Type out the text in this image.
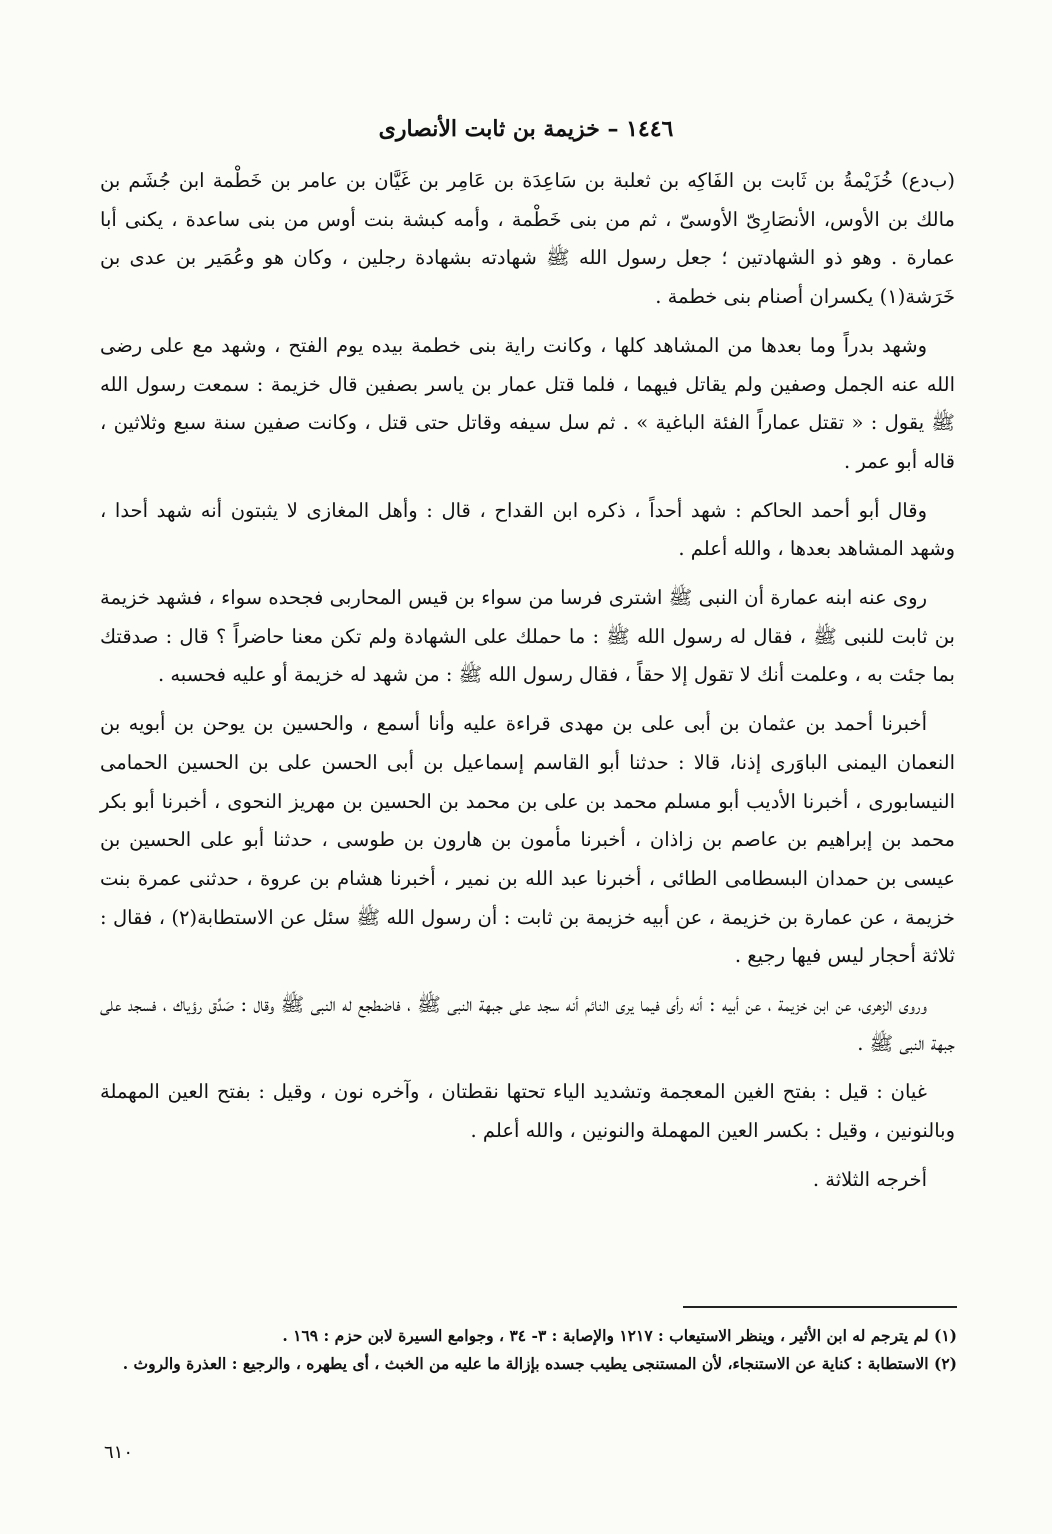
١٤٤٦ – خزيمة بن ثابت الأنصارى

(ب‌دع) خُزَيْمةُ بن ثَابت بن الفَاكِه بن ثعلبة بن سَاعِدَة بن عَامِر بن غَيَّان بن عامر بن خَطْمة ابن جُشَم بن مالك بن الأوس، الأنصَارِىّ الأوسىّ ، ثم من بنى خَطْمة ، وأمه كبشة بنت أوس من بنى ساعدة ، يكنى أبا عمارة . وهو ذو الشهادتين ؛ جعل رسول الله ﷺ شهادته بشهادة رجلين ، وكان هو وعُمَير بن عدى بن خَرَشة(١) يكسران أصنام بنى خطمة .

وشهد بدراً وما بعدها من المشاهد كلها ، وكانت راية بنى خطمة بيده يوم الفتح ، وشهد مع على رضى الله عنه الجمل وصفين ولم يقاتل فيهما ، فلما قتل عمار بن ياسر بصفين قال خزيمة : سمعت رسول الله ﷺ يقول : « تقتل عماراً الفئة الباغية » . ثم سل سيفه وقاتل حتى قتل ، وكانت صفين سنة سبع وثلاثين ، قاله أبو عمر .

وقال أبو أحمد الحاكم : شهد أحداً ، ذكره ابن القداح ، قال : وأهل المغازى لا يثبتون أنه شهد أحدا ، وشهد المشاهد بعدها ، والله أعلم .

روى عنه ابنه عمارة أن النبى ﷺ اشترى فرسا من سواء بن قيس المحاربى فجحده سواء ، فشهد خزيمة بن ثابت للنبى ﷺ ، فقال له رسول الله ﷺ : ما حملك على الشهادة ولم تكن معنا حاضراً ؟ قال : صدقتك بما جئت به ، وعلمت أنك لا تقول إلا حقاً ، فقال رسول الله ﷺ : من شهد له خزيمة أو عليه فحسبه .

أخبرنا أحمد بن عثمان بن أبى على بن مهدى قراءة عليه وأنا أسمع ، والحسين بن يوحن بن أبويه بن النعمان اليمنى الباوَرى إذنا، قالا : حدثنا أبو القاسم إسماعيل بن أبى الحسن على بن الحسين الحمامى النيسابورى ، أخبرنا الأديب أبو مسلم محمد بن على بن محمد بن الحسين بن مهريز النحوى ، أخبرنا أبو بكر محمد بن إبراهيم بن عاصم بن زاذان ، أخبرنا مأمون بن هارون بن طوسى ، حدثنا أبو على الحسين بن عيسى بن حمدان البسطامى الطائى ، أخبرنا عبد الله بن نمير ، أخبرنا هشام بن عروة ، حدثنى عمرة بنت خزيمة ، عن عمارة بن خزيمة ، عن أبيه خزيمة بن ثابت : أن رسول الله ﷺ سئل عن الاستطابة(٢) ، فقال : ثلاثة أحجار ليس فيها رجيع .

وروى الزهرى، عن ابن خزيمة ، عن أبيه : أنه رأى فيما يرى النائم أنه سجد على جبهة النبى ﷺ ، فاضطجع له النبى ﷺ وقال : صَدِّق رؤياك ، فسجد على جبهة النبى ﷺ .

غيان : قيل : بفتح الغين المعجمة وتشديد الياء تحتها نقطتان ، وآخره نون ، وقيل : بفتح العين المهملة وبالنونين ، وقيل : بكسر العين المهملة والنونين ، والله أعلم .

أخرجه الثلاثة .

(١) لم يترجم له ابن الأثير ، وينظر الاستيعاب : ١٢١٧ والإصابة : ٣- ٣٤ ، وجوامع السيرة لابن حزم : ١٦٩ .
(٢) الاستطابة : كناية عن الاستنجاء، لأن المستنجى يطيب جسده بإزالة ما عليه من الخبث ، أى يطهره ، والرجيع : العذرة والروث .
٦١٠
